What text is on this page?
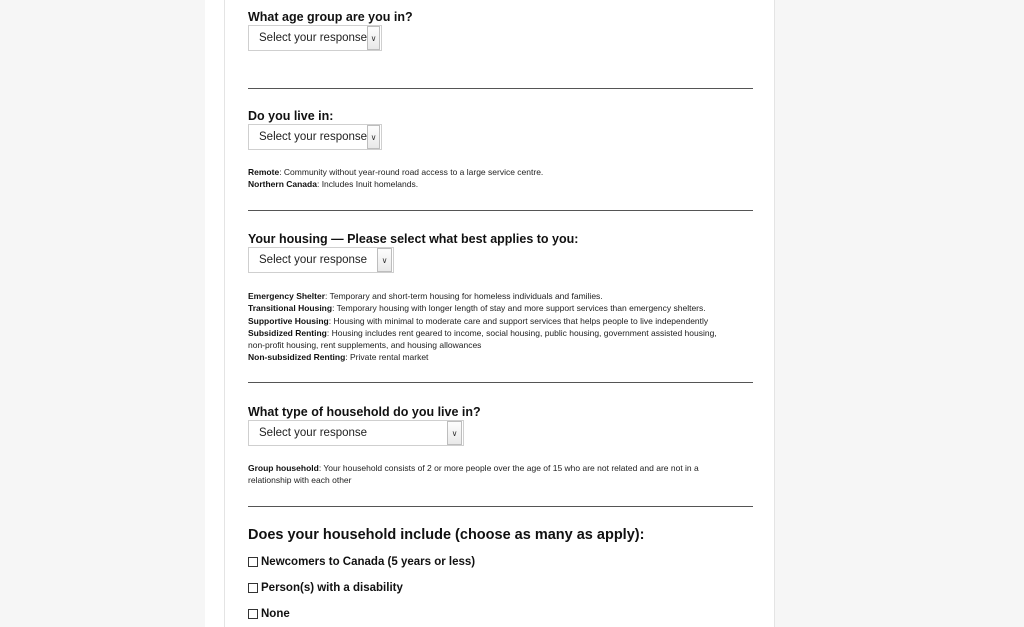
What age group are you in?
Select your response ∨
Do you live in:
Select your response ∨
Remote: Community without year-round road access to a large service centre.
Northern Canada: Includes Inuit homelands.
Your housing — Please select what best applies to you:
Select your response	∨
Emergency Shelter: Temporary and short-term housing for homeless individuals and families.
Transitional Housing: Temporary housing with longer length of stay and more support services than emergency shelters.
Supportive Housing: Housing with minimal to moderate care and support services that helps people to live independently
Subsidized Renting: Housing includes rent geared to income, social housing, public housing, government assisted housing,
non-profit housing, rent supplements, and housing allowances
Non-subsidized Renting: Private rental market
What type of household do you live in?
Select your response	∨
Group household: Your household consists of 2 or more people over the age of 15 who are not related and are not in a
relationship with each other
Does your household include (choose as many as apply):
Newcomers to Canada (5 years or less)
Person(s) with a disability
None
